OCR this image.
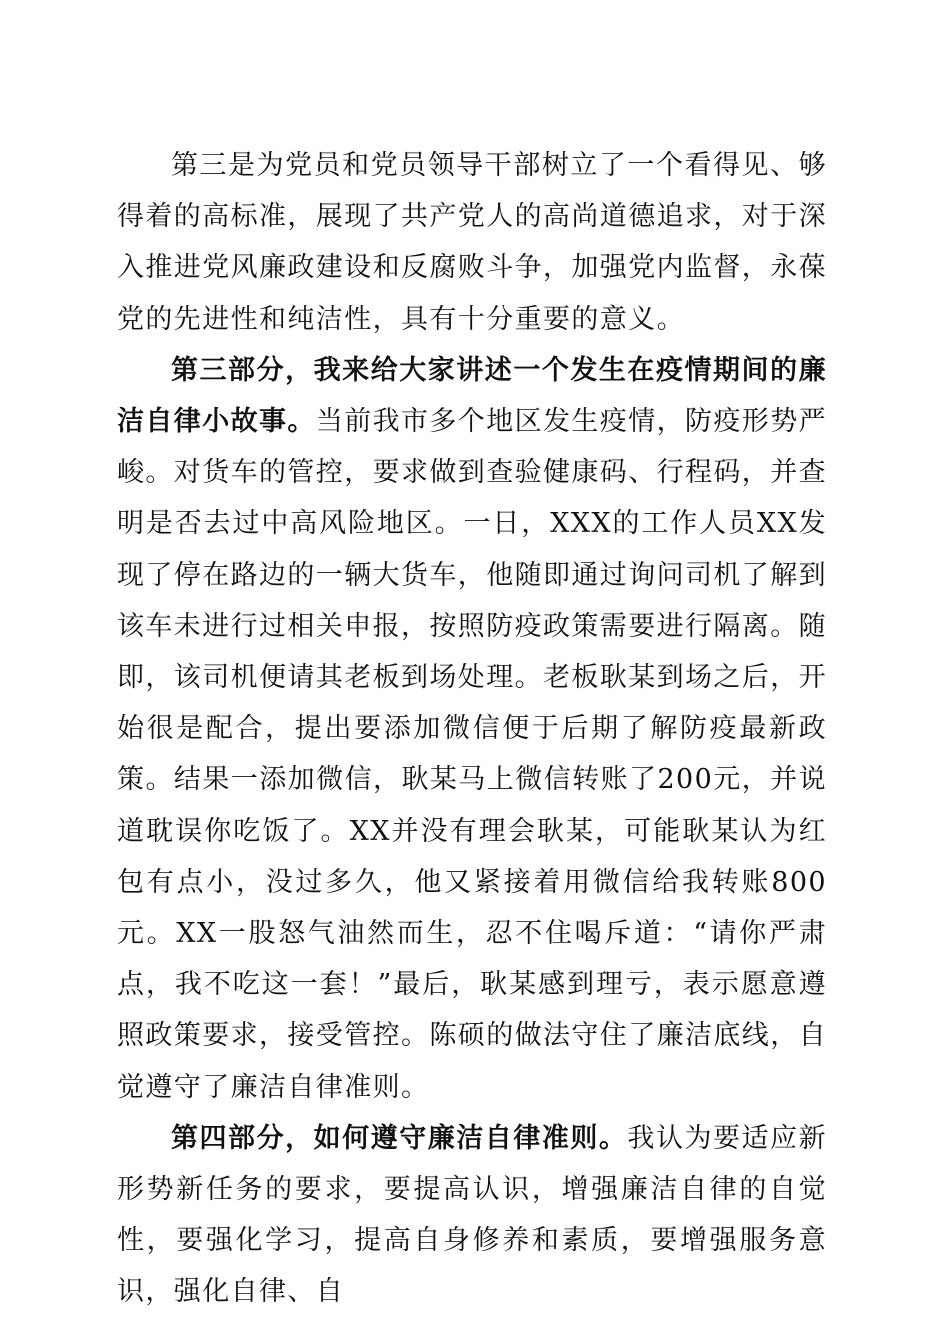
第三是为党员和党员领导干部树立了一个看得见、够得着的高标准，展现了共产党人的高尚道德追求，对于深入推进党风廉政建设和反腐败斗争，加强党内监督，永葆党的先进性和纯洁性，具有十分重要的意义。

第三部分，我来给大家讲述一个发生在疫情期间的廉洁自律小故事。当前我市多个地区发生疫情，防疫形势严峻。对货车的管控，要求做到查验健康码、行程码，并查明是否去过中高风险地区。一日，XXX的工作人员XX发现了停在路边的一辆大货车，他随即通过询问司机了解到该车未进行过相关申报，按照防疫政策需要进行隔离。随即，该司机便请其老板到场处理。老板耿某到场之后，开始很是配合，提出要添加微信便于后期了解防疫最新政策。结果一添加微信，耿某马上微信转账了200元，并说道耽误你吃饭了。XX并没有理会耿某，可能耿某认为红包有点小，没过多久，他又紧接着用微信给我转账800元。XX一股怒气油然而生，忍不住喝斥道：“请你严肃点，我不吃这一套！”最后，耿某感到理亏，表示愿意遵照政策要求，接受管控。陈硕的做法守住了廉洁底线，自觉遵守了廉洁自律准则。

第四部分，如何遵守廉洁自律准则。我认为要适应新形势新任务的要求，要提高认识，增强廉洁自律的自觉性，要强化学习，提高自身修养和素质，要增强服务意识，强化自律、自
